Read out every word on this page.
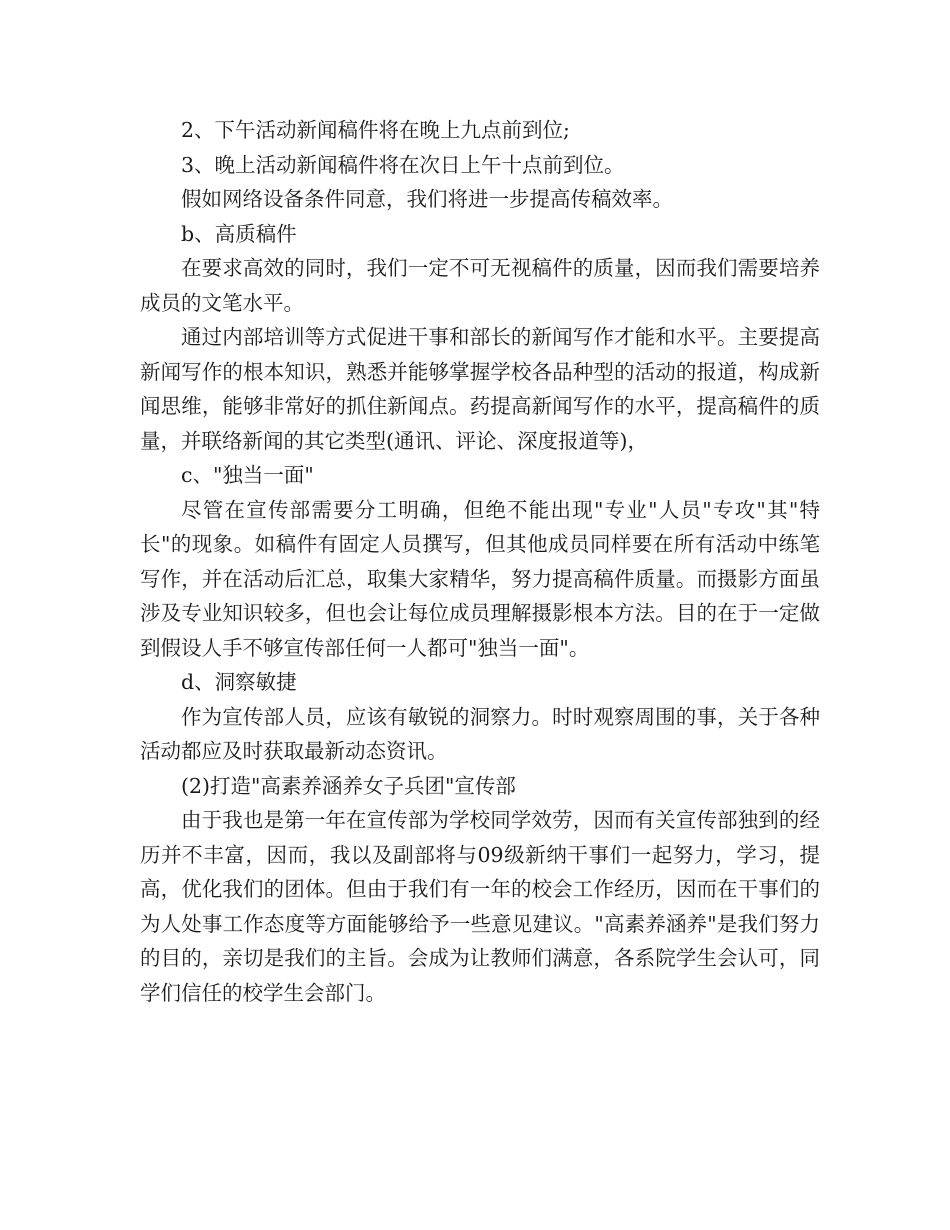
2、下午活动新闻稿件将在晚上九点前到位;

3、晚上活动新闻稿件将在次日上午十点前到位。

假如网络设备条件同意，我们将进一步提高传稿效率。

b、高质稿件

在要求高效的同时，我们一定不可无视稿件的质量，因而我们需要培养成员的文笔水平。

通过内部培训等方式促进干事和部长的新闻写作才能和水平。主要提高新闻写作的根本知识，熟悉并能够掌握学校各品种型的活动的报道，构成新闻思维，能够非常好的抓住新闻点。药提高新闻写作的水平，提高稿件的质量，并联络新闻的其它类型(通讯、评论、深度报道等)，

c、"独当一面"

尽管在宣传部需要分工明确，但绝不能出现"专业"人员"专攻"其"特长"的现象。如稿件有固定人员撰写，但其他成员同样要在所有活动中练笔写作，并在活动后汇总，取集大家精华，努力提高稿件质量。而摄影方面虽涉及专业知识较多，但也会让每位成员理解摄影根本方法。目的在于一定做到假设人手不够宣传部任何一人都可"独当一面"。

d、洞察敏捷

作为宣传部人员，应该有敏锐的洞察力。时时观察周围的事，关于各种活动都应及时获取最新动态资讯。

(2)打造"高素养涵养女子兵团"宣传部

由于我也是第一年在宣传部为学校同学效劳，因而有关宣传部独到的经历并不丰富，因而，我以及副部将与09级新纳干事们一起努力，学习，提高，优化我们的团体。但由于我们有一年的校会工作经历，因而在干事们的为人处事工作态度等方面能够给予一些意见建议。"高素养涵养"是我们努力的目的，亲切是我们的主旨。会成为让教师们满意，各系院学生会认可，同学们信任的校学生会部门。
